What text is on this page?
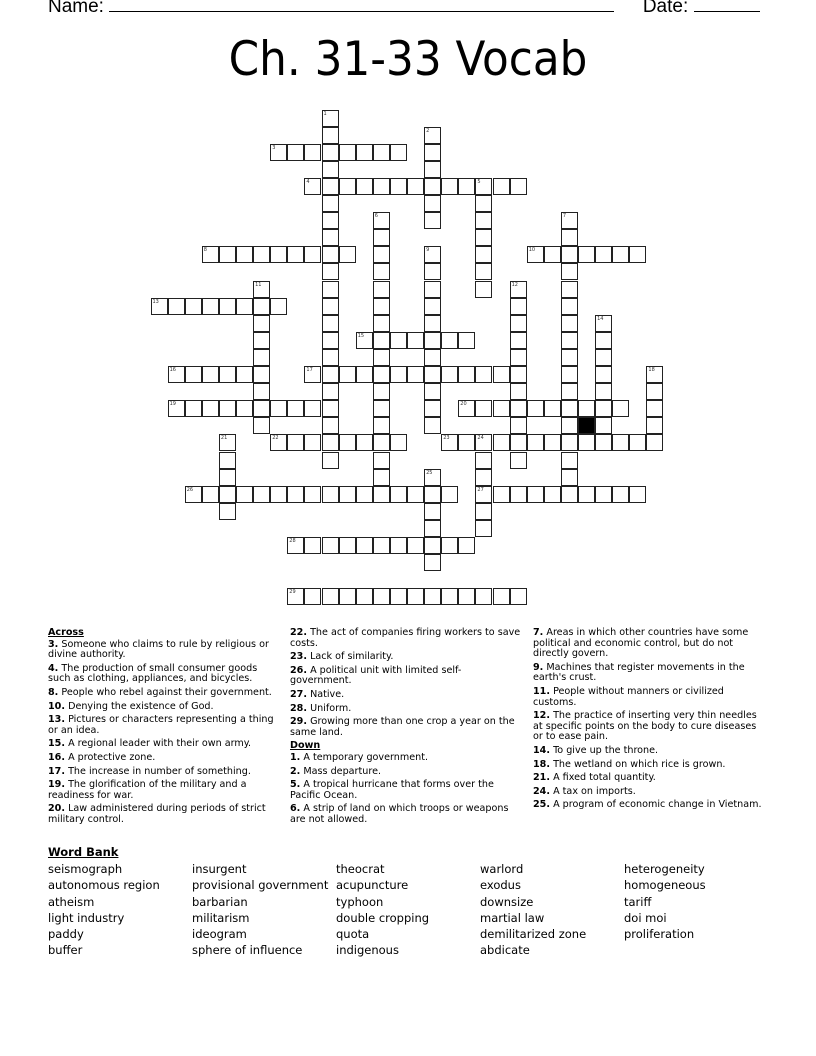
Name:	Date:
Ch. 31-33 Vocab
3
4	5
8	10
13
15
16	17
19	20
22	23	24
26	27
28
29
1
2
6	7
9
11	12
14
18
21
25
Across
3. Someone who claims to rule by religious or divine authority.
4. The production of small consumer goods such as clothing, appliances, and bicycles.
8. People who rebel against their government.
10. Denying the existence of God.
13. Pictures or characters representing a thing or an idea.
15. A regional leader with their own army.
16. A protective zone.
17. The increase in number of something.
19. The glorification of the military and a readiness for war.
20. Law administered during periods of strict military control.
22. The act of companies firing workers to save costs.
23. Lack of similarity.
26. A political unit with limited self-government.
27. Native.
28. Uniform.
29. Growing more than one crop a year on the same land.
Down
1. A temporary government.
2. Mass departure.
5. A tropical hurricane that forms over the Pacific Ocean.
6. A strip of land on which troops or weapons are not allowed.
7. Areas in which other countries have some political and economic control, but do not directly govern.
9. Machines that register movements in the earth's crust.
11. People without manners or civilized customs.
12. The practice of inserting very thin needles at specific points on the body to cure diseases or to ease pain.
14. To give up the throne.
18. The wetland on which rice is grown.
21. A fixed total quantity.
24. A tax on imports.
25. A program of economic change in Vietnam.
Word Bank
seismograph
autonomous region
atheism
light industry
paddy
buffer
insurgent
provisional government
barbarian
militarism
ideogram
sphere of influence
theocrat
acupuncture
typhoon
double cropping
quota
indigenous
warlord
exodus
downsize
martial law
demilitarized zone
abdicate
heterogeneity
homogeneous
tariff
doi moi
proliferation
